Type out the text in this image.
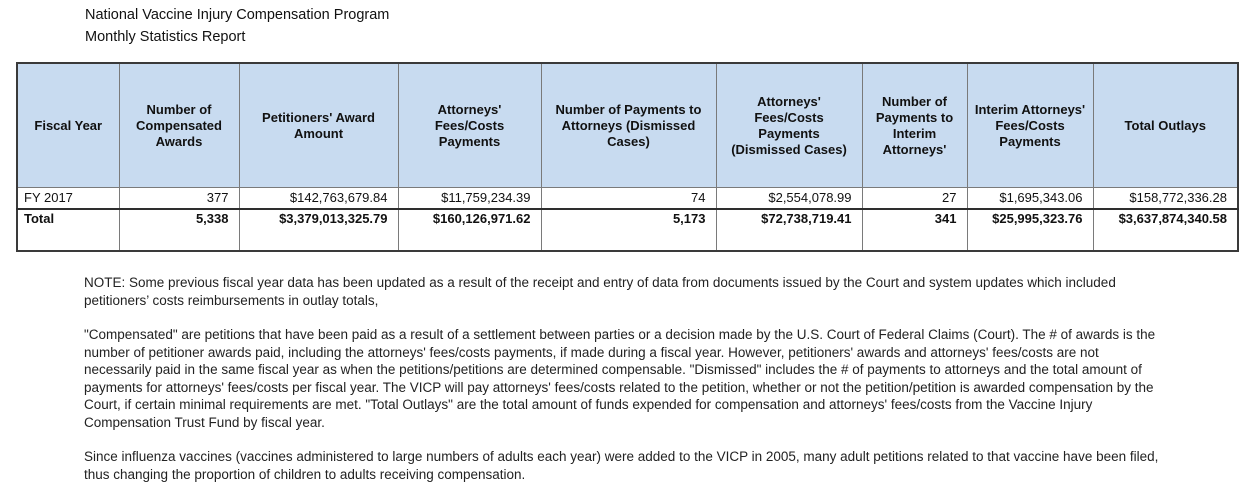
National Vaccine Injury Compensation Program
Monthly Statistics Report
Fiscal Year	Number of Compensated Awards	Petitioners' Award Amount	Attorneys' Fees/Costs Payments	Number of Payments to Attorneys (Dismissed Cases)	Attorneys' Fees/Costs Payments (Dismissed Cases)	Number of Payments to Interim Attorneys'	Interim Attorneys' Fees/Costs Payments	Total Outlays
FY 2017	377	$142,763,679.84	$11,759,234.39	74	$2,554,078.99	27	$1,695,343.06	$158,772,336.28
Total	5,338	$3,379,013,325.79	$160,126,971.62	5,173	$72,738,719.41	341	$25,995,323.76	$3,637,874,340.58

NOTE: Some previous fiscal year data has been updated as a result of the receipt and entry of data from documents issued by the Court and system updates which included petitioners’ costs reimbursements in outlay totals,

"Compensated" are petitions that have been paid as a result of a settlement between parties or a decision made by the U.S. Court of Federal Claims (Court). The # of awards is the number of petitioner awards paid, including the attorneys' fees/costs payments, if made during a fiscal year. However, petitioners' awards and attorneys' fees/costs are not necessarily paid in the same fiscal year as when the petitions/petitions are determined compensable. "Dismissed" includes the # of payments to attorneys and the total amount of payments for attorneys' fees/costs per fiscal year. The VICP will pay attorneys' fees/costs related to the petition, whether or not the petition/petition is awarded compensation by the Court, if certain minimal requirements are met. "Total Outlays" are the total amount of funds expended for compensation and attorneys' fees/costs from the Vaccine Injury Compensation Trust Fund by fiscal year.

Since influenza vaccines (vaccines administered to large numbers of adults each year) were added to the VICP in 2005, many adult petitions related to that vaccine have been filed, thus changing the proportion of children to adults receiving compensation.
